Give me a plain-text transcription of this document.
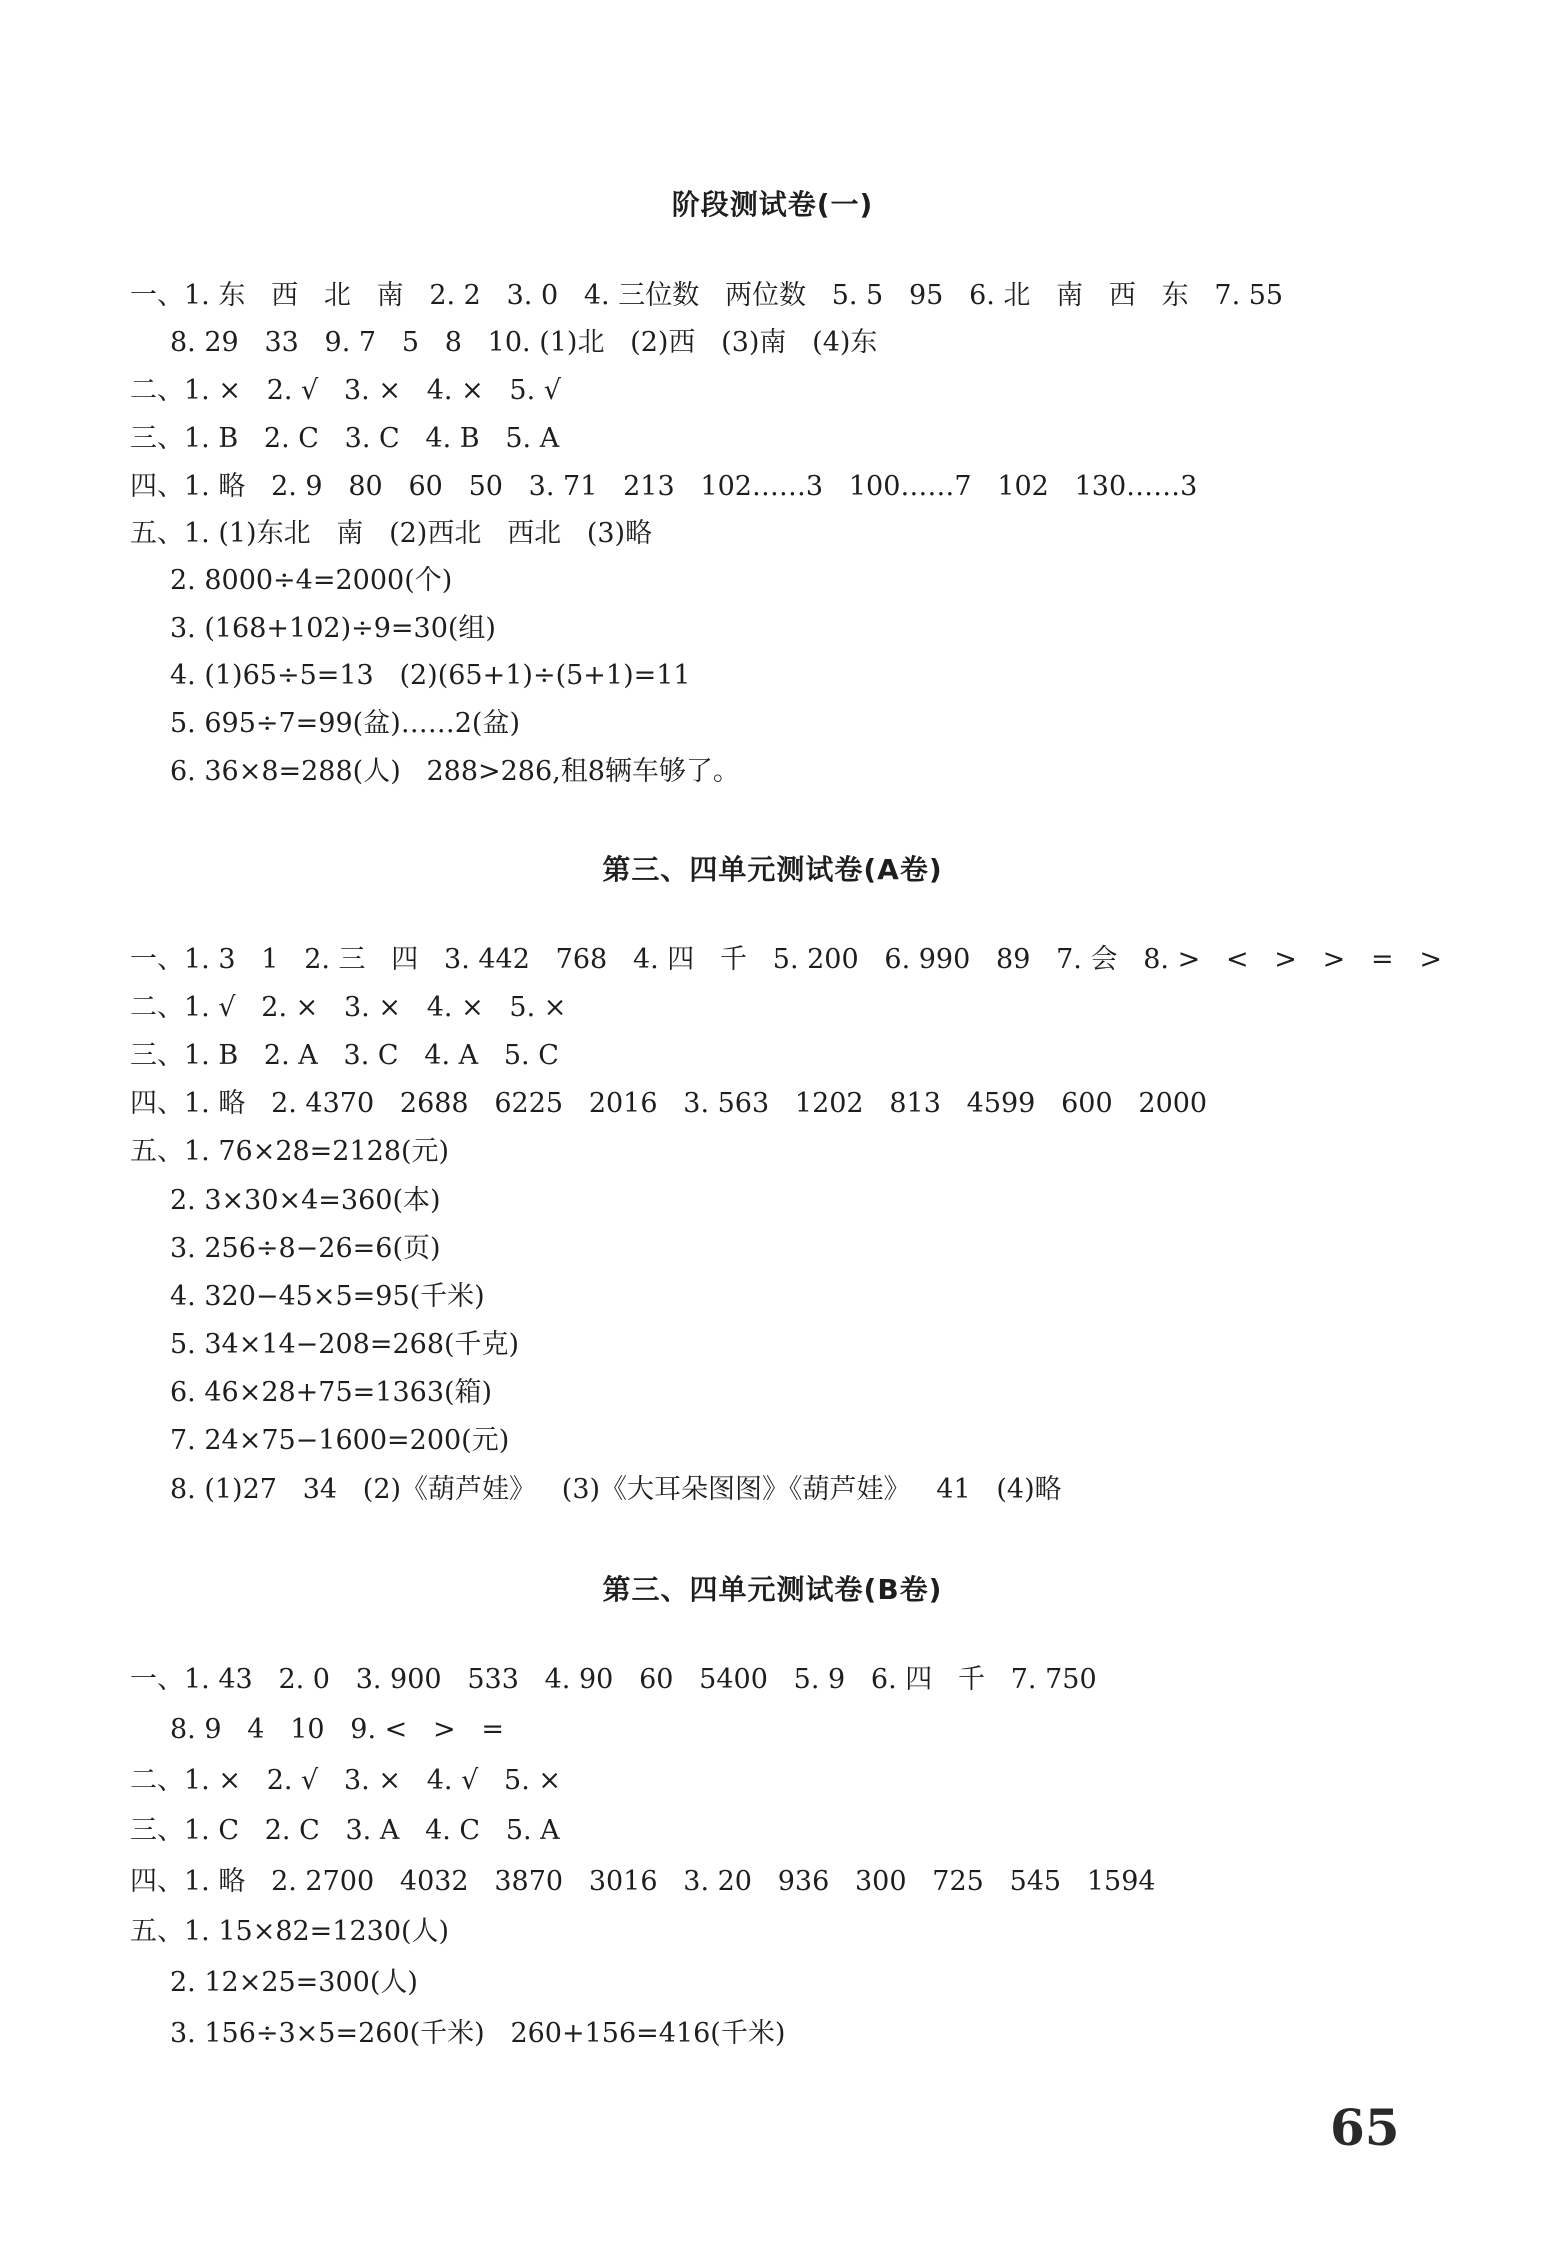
阶段测试卷(一)
一、1. 东   西   北   南   2. 2   3. 0   4. 三位数   两位数   5. 5   95   6. 北   南   西   东   7. 55
8. 29   33   9. 7   5   8   10. (1)北   (2)西   (3)南   (4)东
二、1. ×   2. √   3. ×   4. ×   5. √
三、1. B   2. C   3. C   4. B   5. A
四、1. 略   2. 9   80   60   50   3. 71   213   102……3   100……7   102   130……3
五、1. (1)东北   南   (2)西北   西北   (3)略
2. 8000÷4=2000(个)
3. (168+102)÷9=30(组)
4. (1)65÷5=13   (2)(65+1)÷(5+1)=11
5. 695÷7=99(盆)……2(盆)
6. 36×8=288(人)   288>286,租8辆车够了。
第三、四单元测试卷(A卷)
一、1. 3   1   2. 三   四   3. 442   768   4. 四   千   5. 200   6. 990   89   7. 会   8. >   <   >   >   =   >
二、1. √   2. ×   3. ×   4. ×   5. ×
三、1. B   2. A   3. C   4. A   5. C
四、1. 略   2. 4370   2688   6225   2016   3. 563   1202   813   4599   600   2000
五、1. 76×28=2128(元)
2. 3×30×4=360(本)
3. 256÷8−26=6(页)
4. 320−45×5=95(千米)
5. 34×14−208=268(千克)
6. 46×28+75=1363(箱)
7. 24×75−1600=200(元)
8. (1)27   34   (2)《葫芦娃》   (3)《大耳朵图图》《葫芦娃》   41   (4)略
第三、四单元测试卷(B卷)
一、1. 43   2. 0   3. 900   533   4. 90   60   5400   5. 9   6. 四   千   7. 750
8. 9   4   10   9. <   >   =
二、1. ×   2. √   3. ×   4. √   5. ×
三、1. C   2. C   3. A   4. C   5. A
四、1. 略   2. 2700   4032   3870   3016   3. 20   936   300   725   545   1594
五、1. 15×82=1230(人)
2. 12×25=300(人)
3. 156÷3×5=260(千米)   260+156=416(千米)
65
